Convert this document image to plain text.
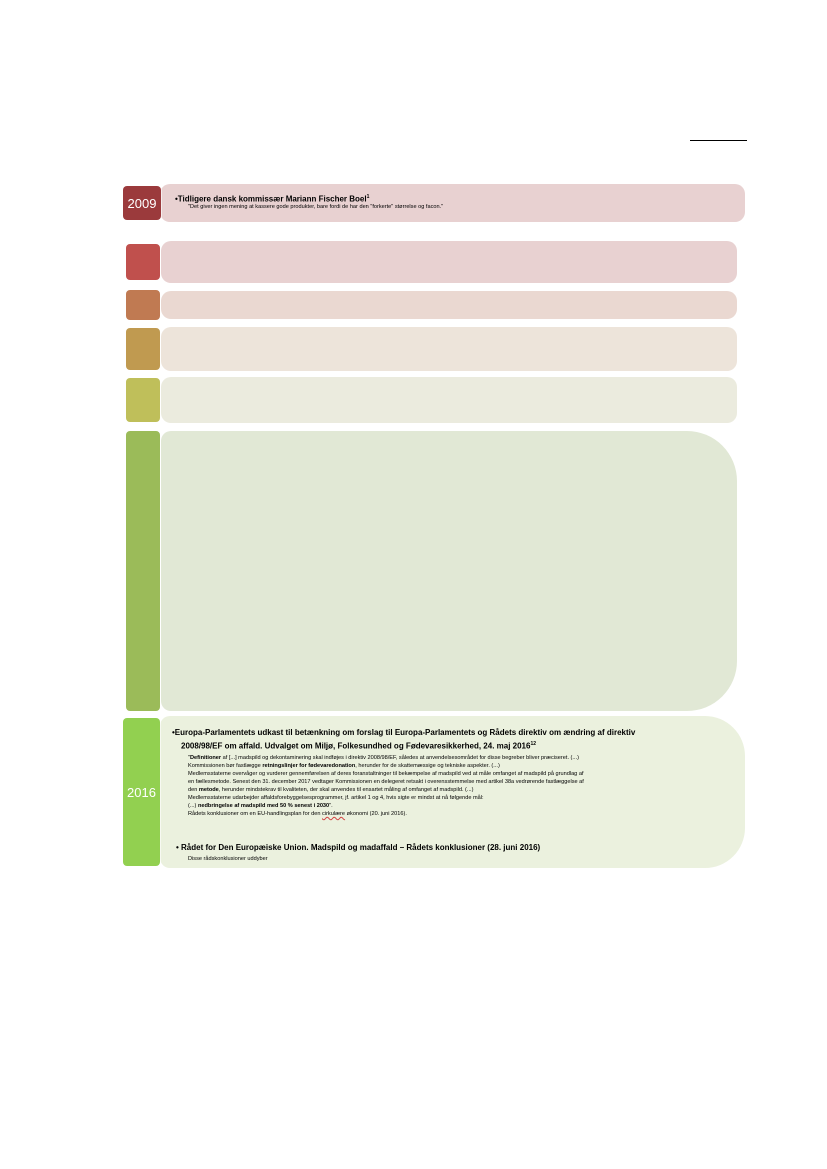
•Tidligere dansk kommissær Mariann Fischer Boel$^1$
"Det giver ingen mening at kassere gode produkter, bare fordi de har den "forkerte" størrelse og facon."
2009
•Europa-Parlamentets udkast til betænkning om forslag til Europa-Parlamentets og Rådets direktiv om ændring af direktiv
2008/98/EF om affald. Udvalget om Miljø, Folkesundhed og Fødevaresikkerhed, 24. maj 2016$^{12}$
"Definitioner af [...] madspild og dekontaminering skal indføjes i direktiv 2008/98/EF, således at anvendelsesområdet for disse begreber bliver præciseret. (...)
Kommissionen bør fastlægge retningslinjer for fødevaredonation, herunder for de skattemæssige og tekniske aspekter. (...)
Medlemsstaterne overvåger og vurderer gennemførelsen af deres foranstaltninger til bekæmpelse af madspild ved at måle omfanget af madspild på grundlag af
en fællesmetode. Senest den 31. december 2017 vedtager Kommissionen en delegeret retsakt i overensstemmelse med artikel 38a vedrørende fastlæggelse af
den metode, herunder mindstekrav til kvaliteten, der skal anvendes til ensartet måling af omfanget af madspild. (...)
Medlemsstaterne udarbejder affaldsforebyggelsesprogrammer, jf. artikel 1 og 4, hvis sigte er mindst at nå følgende mål:
(...) nedbringelse af madspild med 50 % senest i 2030".
Rådets konklusioner om en EU-handlingsplan for den cirkulære økonomi (20. juni 2016).
• Rådet for Den Europæiske Union. Madspild og madaffald – Rådets konklusioner (28. juni 2016)
Disse rådskonklusioner uddyber
2016
